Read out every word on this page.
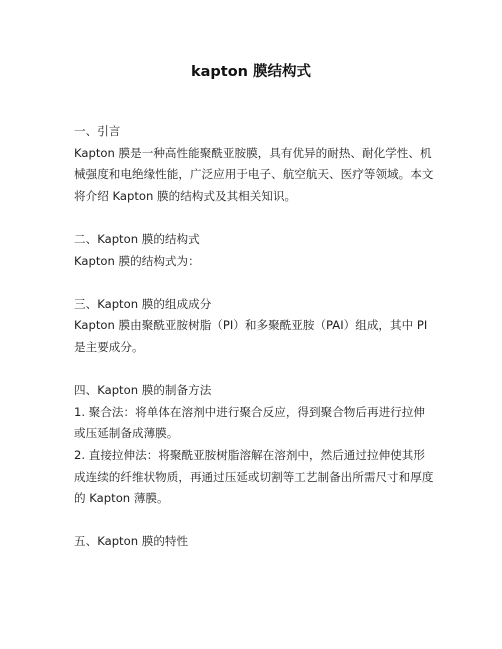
kapton 膜结构式

一、引言

Kapton 膜是一种高性能聚酰亚胺膜，具有优异的耐热、耐化学性、机械强度和电绝缘性能，广泛应用于电子、航空航天、医疗等领域。本文将介绍 Kapton 膜的结构式及其相关知识。

二、Kapton 膜的结构式

Kapton 膜的结构式为：

三、Kapton 膜的组成成分

Kapton 膜由聚酰亚胺树脂（PI）和多聚酰亚胺（PAI）组成，其中 PI 是主要成分。

四、Kapton 膜的制备方法

1. 聚合法：将单体在溶剂中进行聚合反应，得到聚合物后再进行拉伸或压延制备成薄膜。

2. 直接拉伸法：将聚酰亚胺树脂溶解在溶剂中，然后通过拉伸使其形成连续的纤维状物质，再通过压延或切割等工艺制备出所需尺寸和厚度的 Kapton 薄膜。

五、Kapton 膜的特性
